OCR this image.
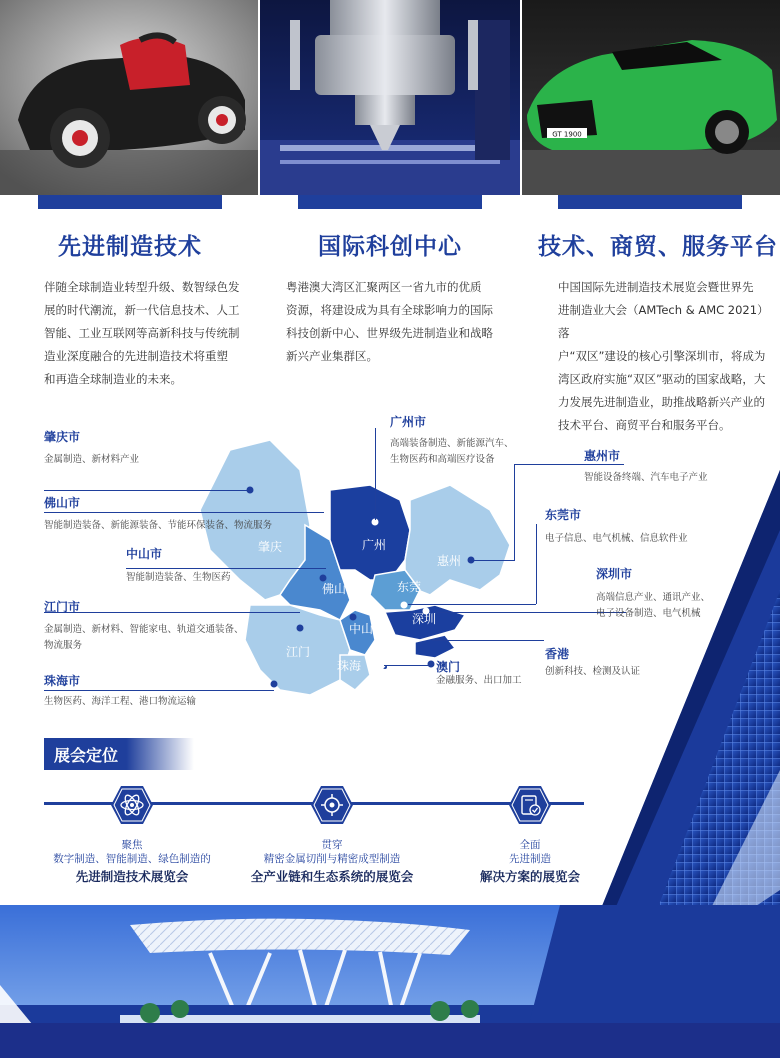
GT 1900
先进制造技术	国际科创中心	技术、商贸、服务平台
伴随全球制造业转型升级、数智绿色发
展的时代潮流，新一代信息技术、人工
智能、工业互联网等高新科技与传统制
造业深度融合的先进制造技术将重塑
和再造全球制造业的未来。
粤港澳大湾区汇聚两区一省九市的优质
资源，将建设成为具有全球影响力的国际
科技创新中心、世界级先进制造业和战略
新兴产业集群区。
中国国际先进制造技术展览会暨世界先
进制造业大会（AMTech & AMC 2021）落
户“双区”建设的核心引擎深圳市，将成为
湾区政府实施“双区”驱动的国家战略，大
力发展先进制造业，助推战略新兴产业的
技术平台、商贸平台和服务平台。
肇庆	广州
惠州
佛山	东莞
深圳
中山
江门
珠海
肇庆市
金属制造、新材料产业
佛山市
智能制造装备、新能源装备、节能环保装备、物流服务
中山市
智能制造装备、生物医药
江门市
金属制造、新材料、智能家电、轨道交通装备、
物流服务
珠海市
生物医药、海洋工程、港口物流运输
广州市
高端装备制造、新能源汽车、
生物医药和高端医疗设备	惠州市
智能设备终端、汽车电子产业
东莞市
电子信息、电气机械、信息软件业
深圳市
高端信息产业、通讯产业、
电子设备制造、电气机械
香港
创新科技、检测及认证
澳门
金融服务、出口加工
展会定位
聚焦
数字制造、智能制造、绿色制造的
先进制造技术展览会
贯穿
精密金属切削与精密成型制造
全产业链和生态系统的展览会
全面
先进制造
解决方案的展览会
